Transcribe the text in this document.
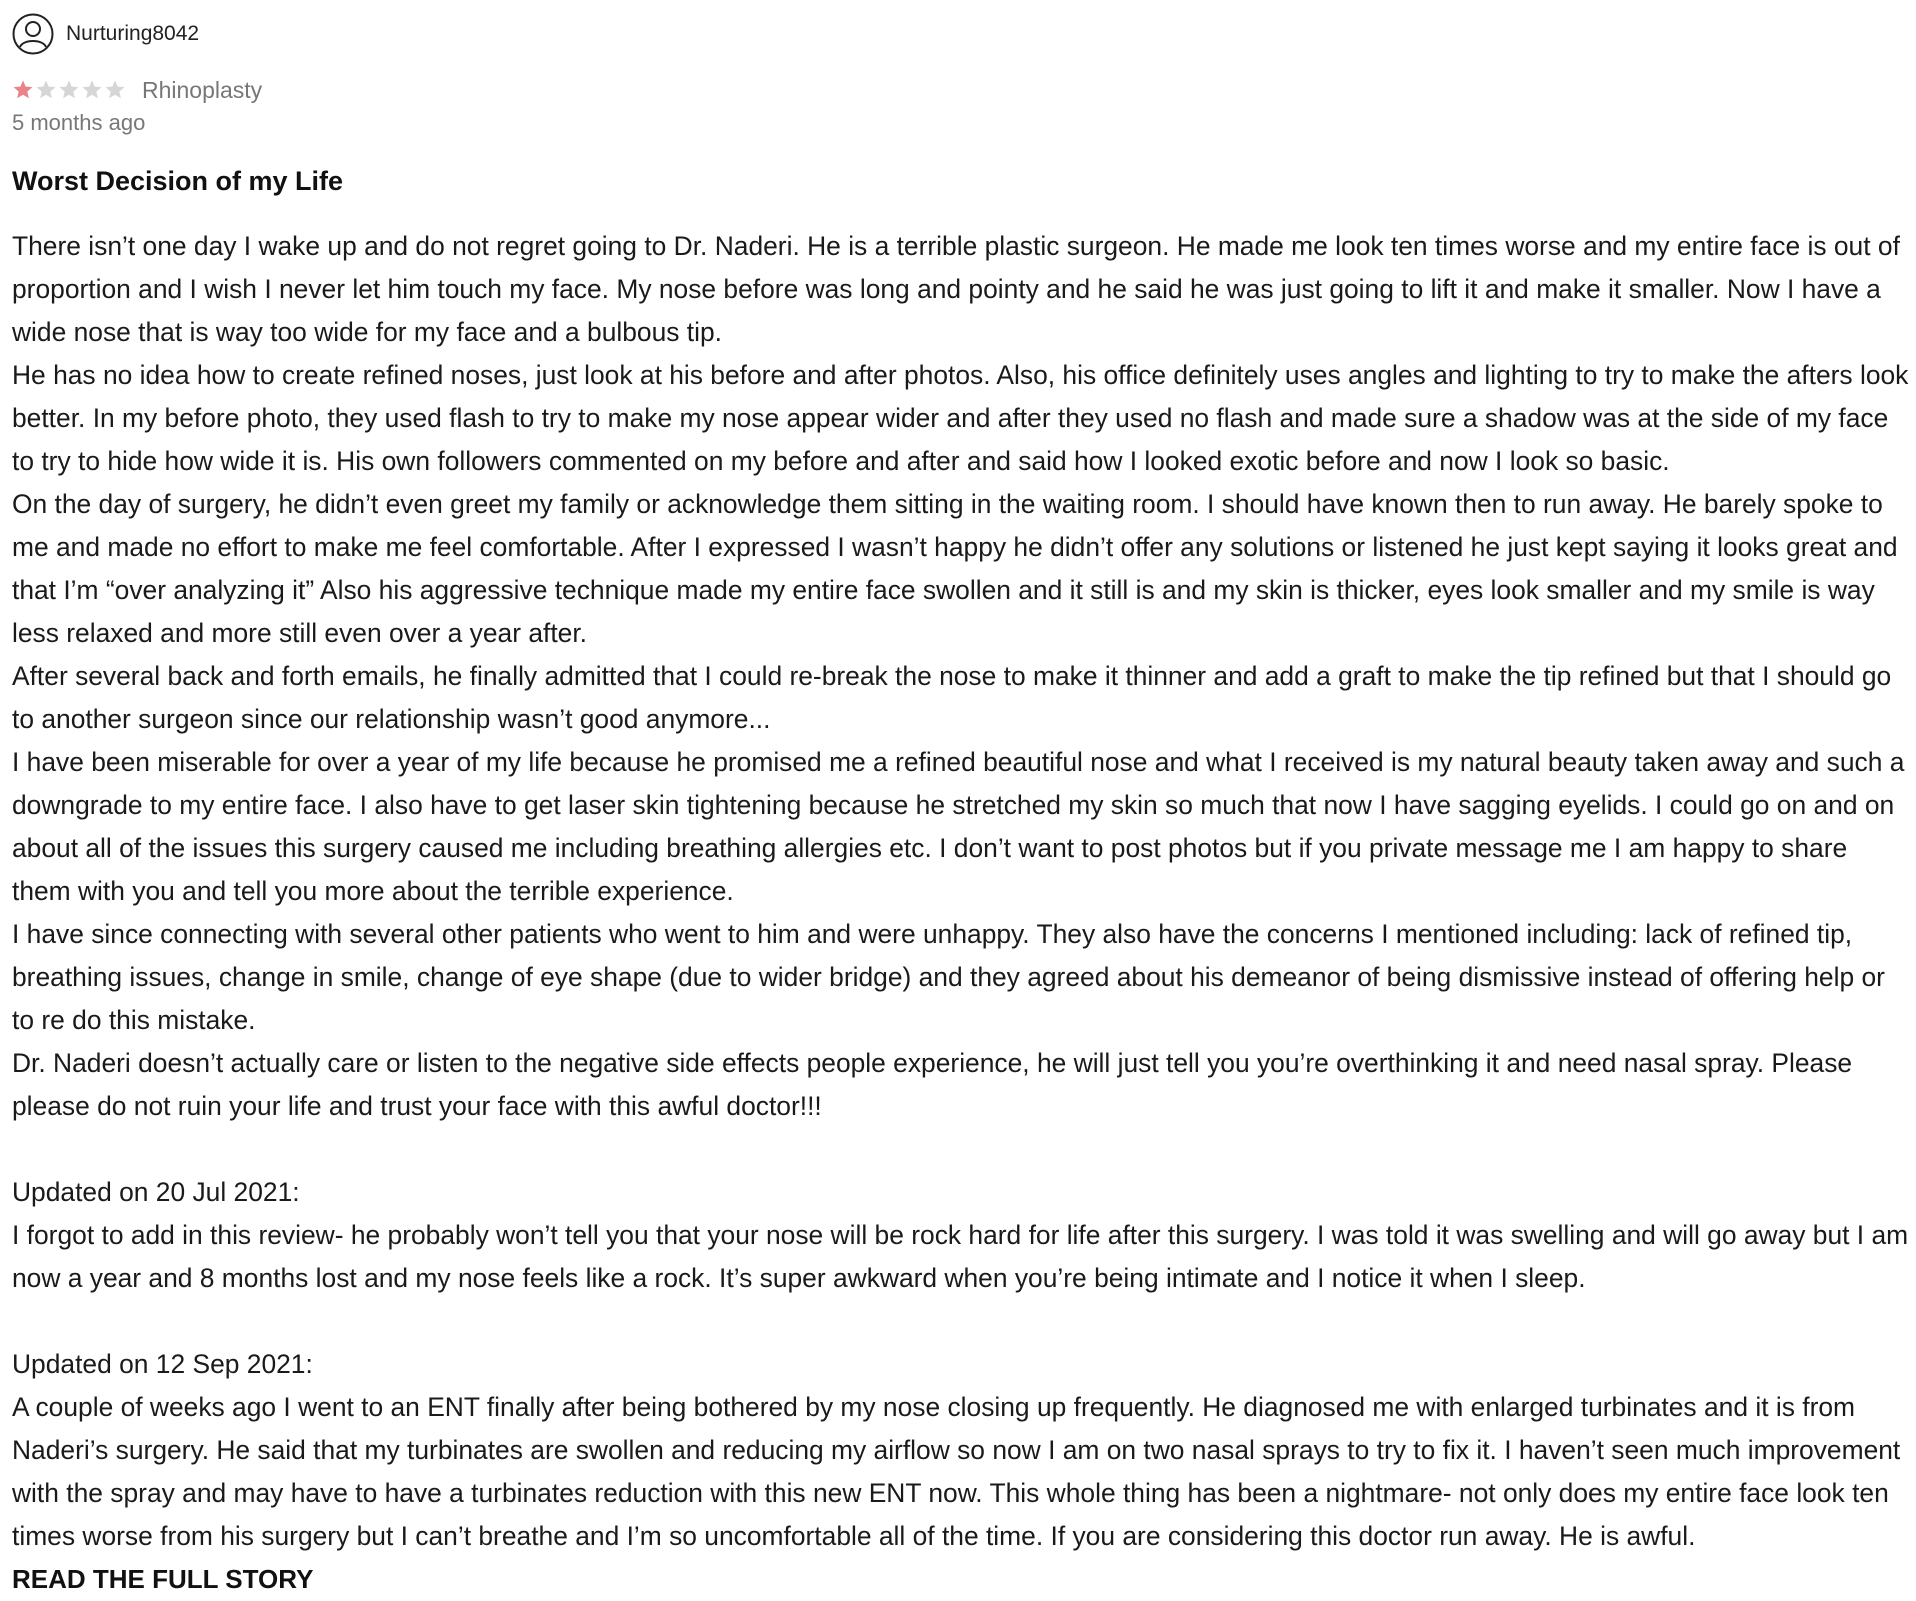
Nurturing8042
Rhinoplasty
5 months ago
Worst Decision of my Life

There isn’t one day I wake up and do not regret going to Dr. Naderi. He is a terrible plastic surgeon. He made me look ten times worse and my entire face is out of proportion and I wish I never let him touch my face. My nose before was long and pointy and he said he was just going to lift it and make it smaller. Now I have a wide nose that is way too wide for my face and a bulbous tip.

He has no idea how to create refined noses, just look at his before and after photos. Also, his office definitely uses angles and lighting to try to make the afters look better. In my before photo, they used flash to try to make my nose appear wider and after they used no flash and made sure a shadow was at the side of my face to try to hide how wide it is. His own followers commented on my before and after and said how I looked exotic before and now I look so basic.

On the day of surgery, he didn’t even greet my family or acknowledge them sitting in the waiting room. I should have known then to run away. He barely spoke to me and made no effort to make me feel comfortable. After I expressed I wasn’t happy he didn’t offer any solutions or listened he just kept saying it looks great and that I’m “over analyzing it” Also his aggressive technique made my entire face swollen and it still is and my skin is thicker, eyes look smaller and my smile is way less relaxed and more still even over a year after.

After several back and forth emails, he finally admitted that I could re-break the nose to make it thinner and add a graft to make the tip refined but that I should go to another surgeon since our relationship wasn’t good anymore...

I have been miserable for over a year of my life because he promised me a refined beautiful nose and what I received is my natural beauty taken away and such a downgrade to my entire face. I also have to get laser skin tightening because he stretched my skin so much that now I have sagging eyelids. I could go on and on about all of the issues this surgery caused me including breathing allergies etc. I don’t want to post photos but if you private message me I am happy to share them with you and tell you more about the terrible experience.

I have since connecting with several other patients who went to him and were unhappy. They also have the concerns I mentioned including: lack of refined tip, breathing issues, change in smile, change of eye shape (due to wider bridge) and they agreed about his demeanor of being dismissive instead of offering help or to re do this mistake.

Dr. Naderi doesn’t actually care or listen to the negative side effects people experience, he will just tell you you’re overthinking it and need nasal spray. Please please do not ruin your life and trust your face with this awful doctor!!!

Updated on 20 Jul 2021:

I forgot to add in this review- he probably won’t tell you that your nose will be rock hard for life after this surgery. I was told it was swelling and will go away but I am now a year and 8 months lost and my nose feels like a rock. It’s super awkward when you’re being intimate and I notice it when I sleep.

Updated on 12 Sep 2021:

A couple of weeks ago I went to an ENT finally after being bothered by my nose closing up frequently. He diagnosed me with enlarged turbinates and it is from Naderi’s surgery. He said that my turbinates are swollen and reducing my airflow so now I am on two nasal sprays to try to fix it. I haven’t seen much improvement with the spray and may have to have a turbinates reduction with this new ENT now. This whole thing has been a nightmare- not only does my entire face look ten times worse from his surgery but I can’t breathe and I’m so uncomfortable all of the time. If you are considering this doctor run away. He is awful.

READ THE FULL STORY
